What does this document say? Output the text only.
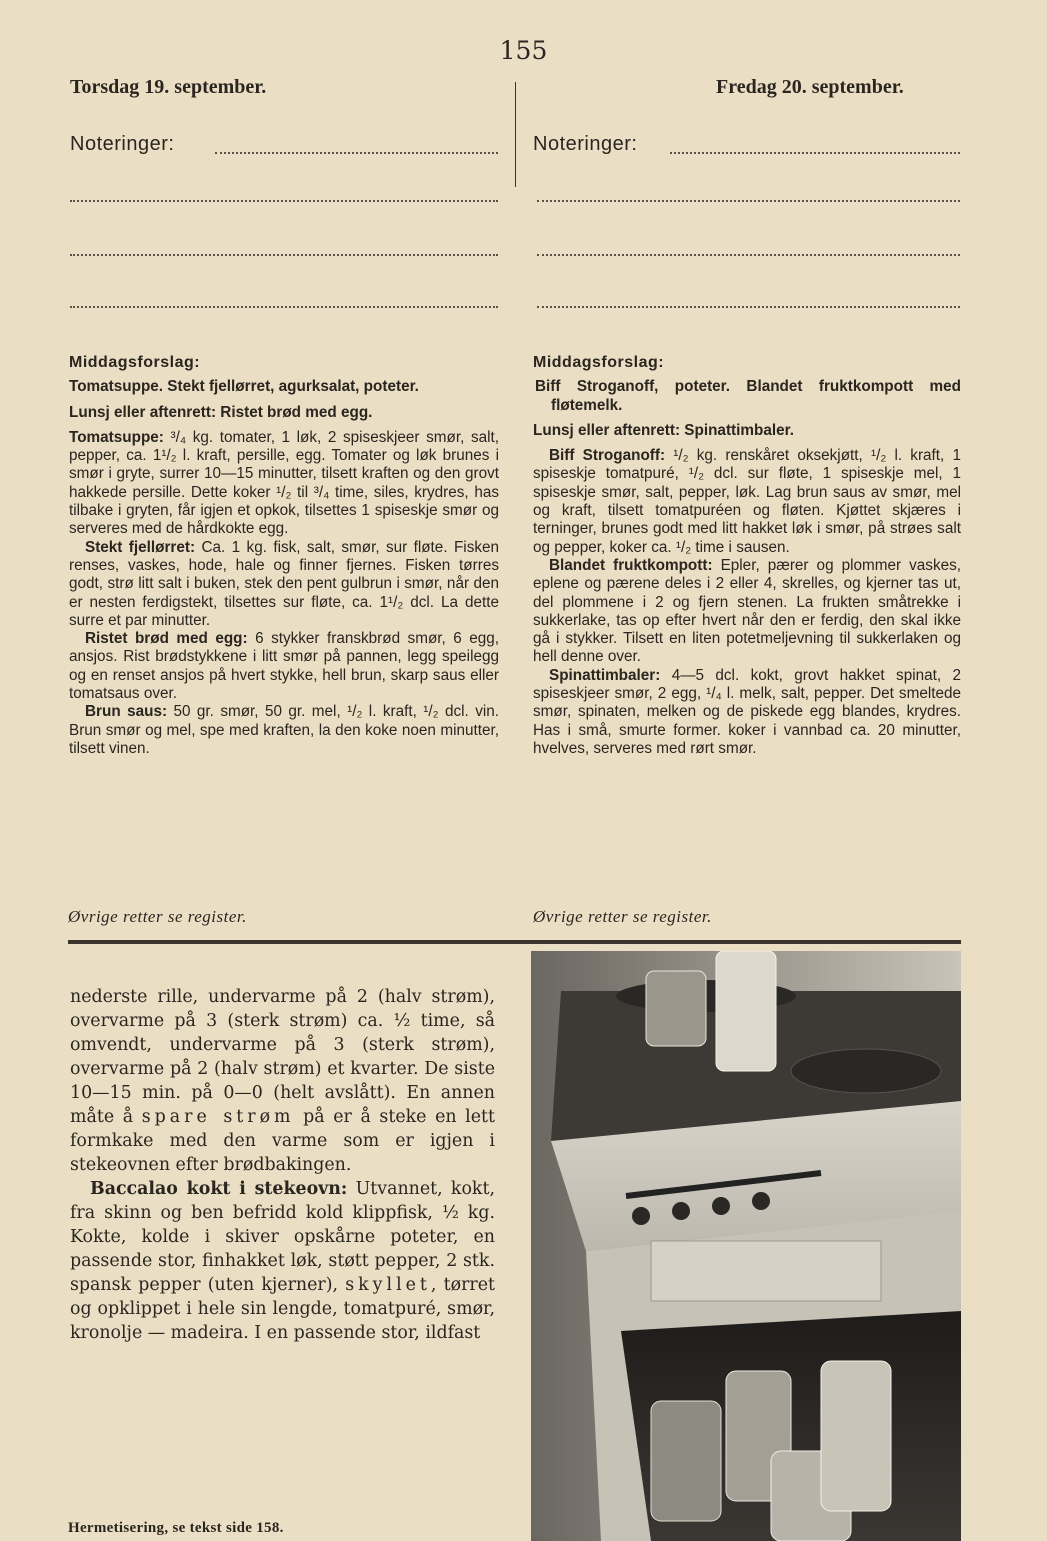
155
Torsdag 19. september.	Fredag 20. september.
Noteringer:	Noteringer:

Middagsforslag:

Tomatsuppe. Stekt fjellørret, agurksalat, poteter.

Lunsj eller aftenrett: Ristet brød med egg.

Tomatsuppe: ³/₄ kg. tomater, 1 løk, 2 spiseskjeer smør, salt, pepper, ca. 1¹/₂ l. kraft, persille, egg. Tomater og løk brunes i smør i gryte, surrer 10—15 minutter, tilsett kraften og den grovt hakkede persille. Dette koker ¹/₂ til ³/₄ time, siles, krydres, has tilbake i gryten, får igjen et opkok, tilsettes 1 spiseskje smør og serveres med de hårdkokte egg.

Stekt fjellørret: Ca. 1 kg. fisk, salt, smør, sur fløte. Fisken renses, vaskes, hode, hale og finner fjernes. Fisken tørres godt, strø litt salt i buken, stek den pent gulbrun i smør, når den er nesten ferdigstekt, tilsettes sur fløte, ca. 1¹/₂ dcl. La dette surre et par minutter.

Ristet brød med egg: 6 stykker franskbrød smør, 6 egg, ansjos. Rist brødstykkene i litt smør på pannen, legg speilegg og en renset ansjos på hvert stykke, hell brun, skarp saus eller tomatsaus over.

Brun saus: 50 gr. smør, 50 gr. mel, ¹/₂ l. kraft, ¹/₂ dcl. vin. Brun smør og mel, spe med kraften, la den koke noen minutter, tilsett vinen.

Øvrige retter se register.

Middagsforslag:

Biff Stroganoff, poteter. Blandet fruktkompott med fløtemelk.

Lunsj eller aftenrett: Spinattimbaler.

Biff Stroganoff: ¹/₂ kg. renskåret oksekjøtt, ¹/₂ l. kraft, 1 spiseskje tomatpuré, ¹/₂ dcl. sur fløte, 1 spiseskje mel, 1 spiseskje smør, salt, pepper, løk. Lag brun saus av smør, mel og kraft, tilsett tomatpuréen og fløten. Kjøttet skjæres i terninger, brunes godt med litt hakket løk i smør, på strøes salt og pepper, koker ca. ¹/₂ time i sausen.

Blandet fruktkompott: Epler, pærer og plommer vaskes, eplene og pærene deles i 2 eller 4, skrelles, og kjerner tas ut, del plommene i 2 og fjern stenen. La frukten småtrekke i sukkerlake, tas op efter hvert når den er ferdig, den skal ikke gå i stykker. Tilsett en liten potetmeljevning til sukkerlaken og hell denne over.

Spinattimbaler: 4—5 dcl. kokt, grovt hakket spinat, 2 spiseskjeer smør, 2 egg, ¹/₄ l. melk, salt, pepper. Det smeltede smør, spinaten, melken og de piskede egg blandes, krydres. Has i små, smurte former. koker i vannbad ca. 20 minutter, hvelves, serveres med rørt smør.

Øvrige retter se register.

nederste rille, undervarme på 2 (halv strøm), overvarme på 3 (sterk strøm) ca. ½ time, så omvendt, undervarme på 3 (sterk strøm), overvarme på 2 (halv strøm) et kvarter. De siste 10—15 min. på 0—0 (helt avslått). En annen måte å spare strøm på er å steke en lett formkake med den varme som er igjen i stekeovnen efter brødbakingen.

Baccalao kokt i stekeovn: Utvannet, kokt, fra skinn og ben befridd kold klippfisk, ½ kg. Kokte, kolde i skiver opskårne poteter, en passende stor, finhakket løk, støtt pepper, 2 stk. spansk pepper (uten kjerner), skyllet, tørret og opklippet i hele sin lengde, tomatpuré, smør, kronolje — madeira. I en passende stor, ildfast

Hermetisering, se tekst side 158.
